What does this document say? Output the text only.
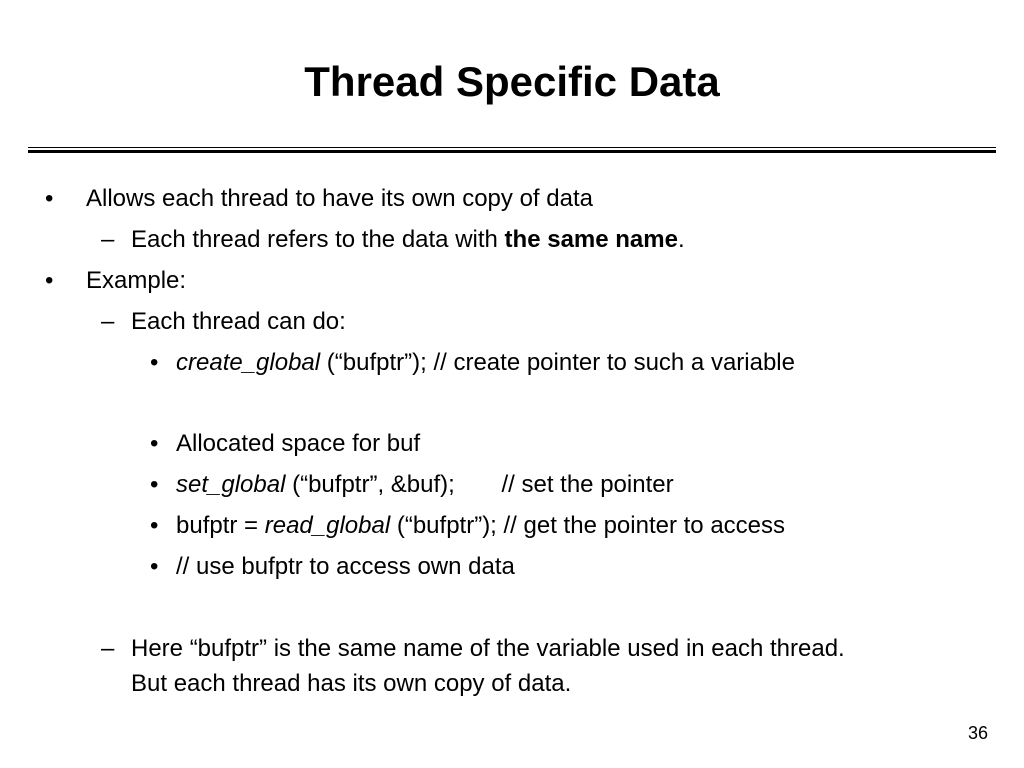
Thread Specific Data
• Allows each thread to have its own copy of data
– Each thread refers to the data with the same name.
• Example:
– Each thread can do:
• create_global (“bufptr”); // create pointer to such a variable
• Allocated space for buf
• set_global (“bufptr”, &buf);       // set the pointer
• bufptr = read_global (“bufptr”); // get the pointer to access
• // use bufptr to access own data
– Here “bufptr” is the same name of the variable used in each thread.
But each thread has its own copy of data.
36
